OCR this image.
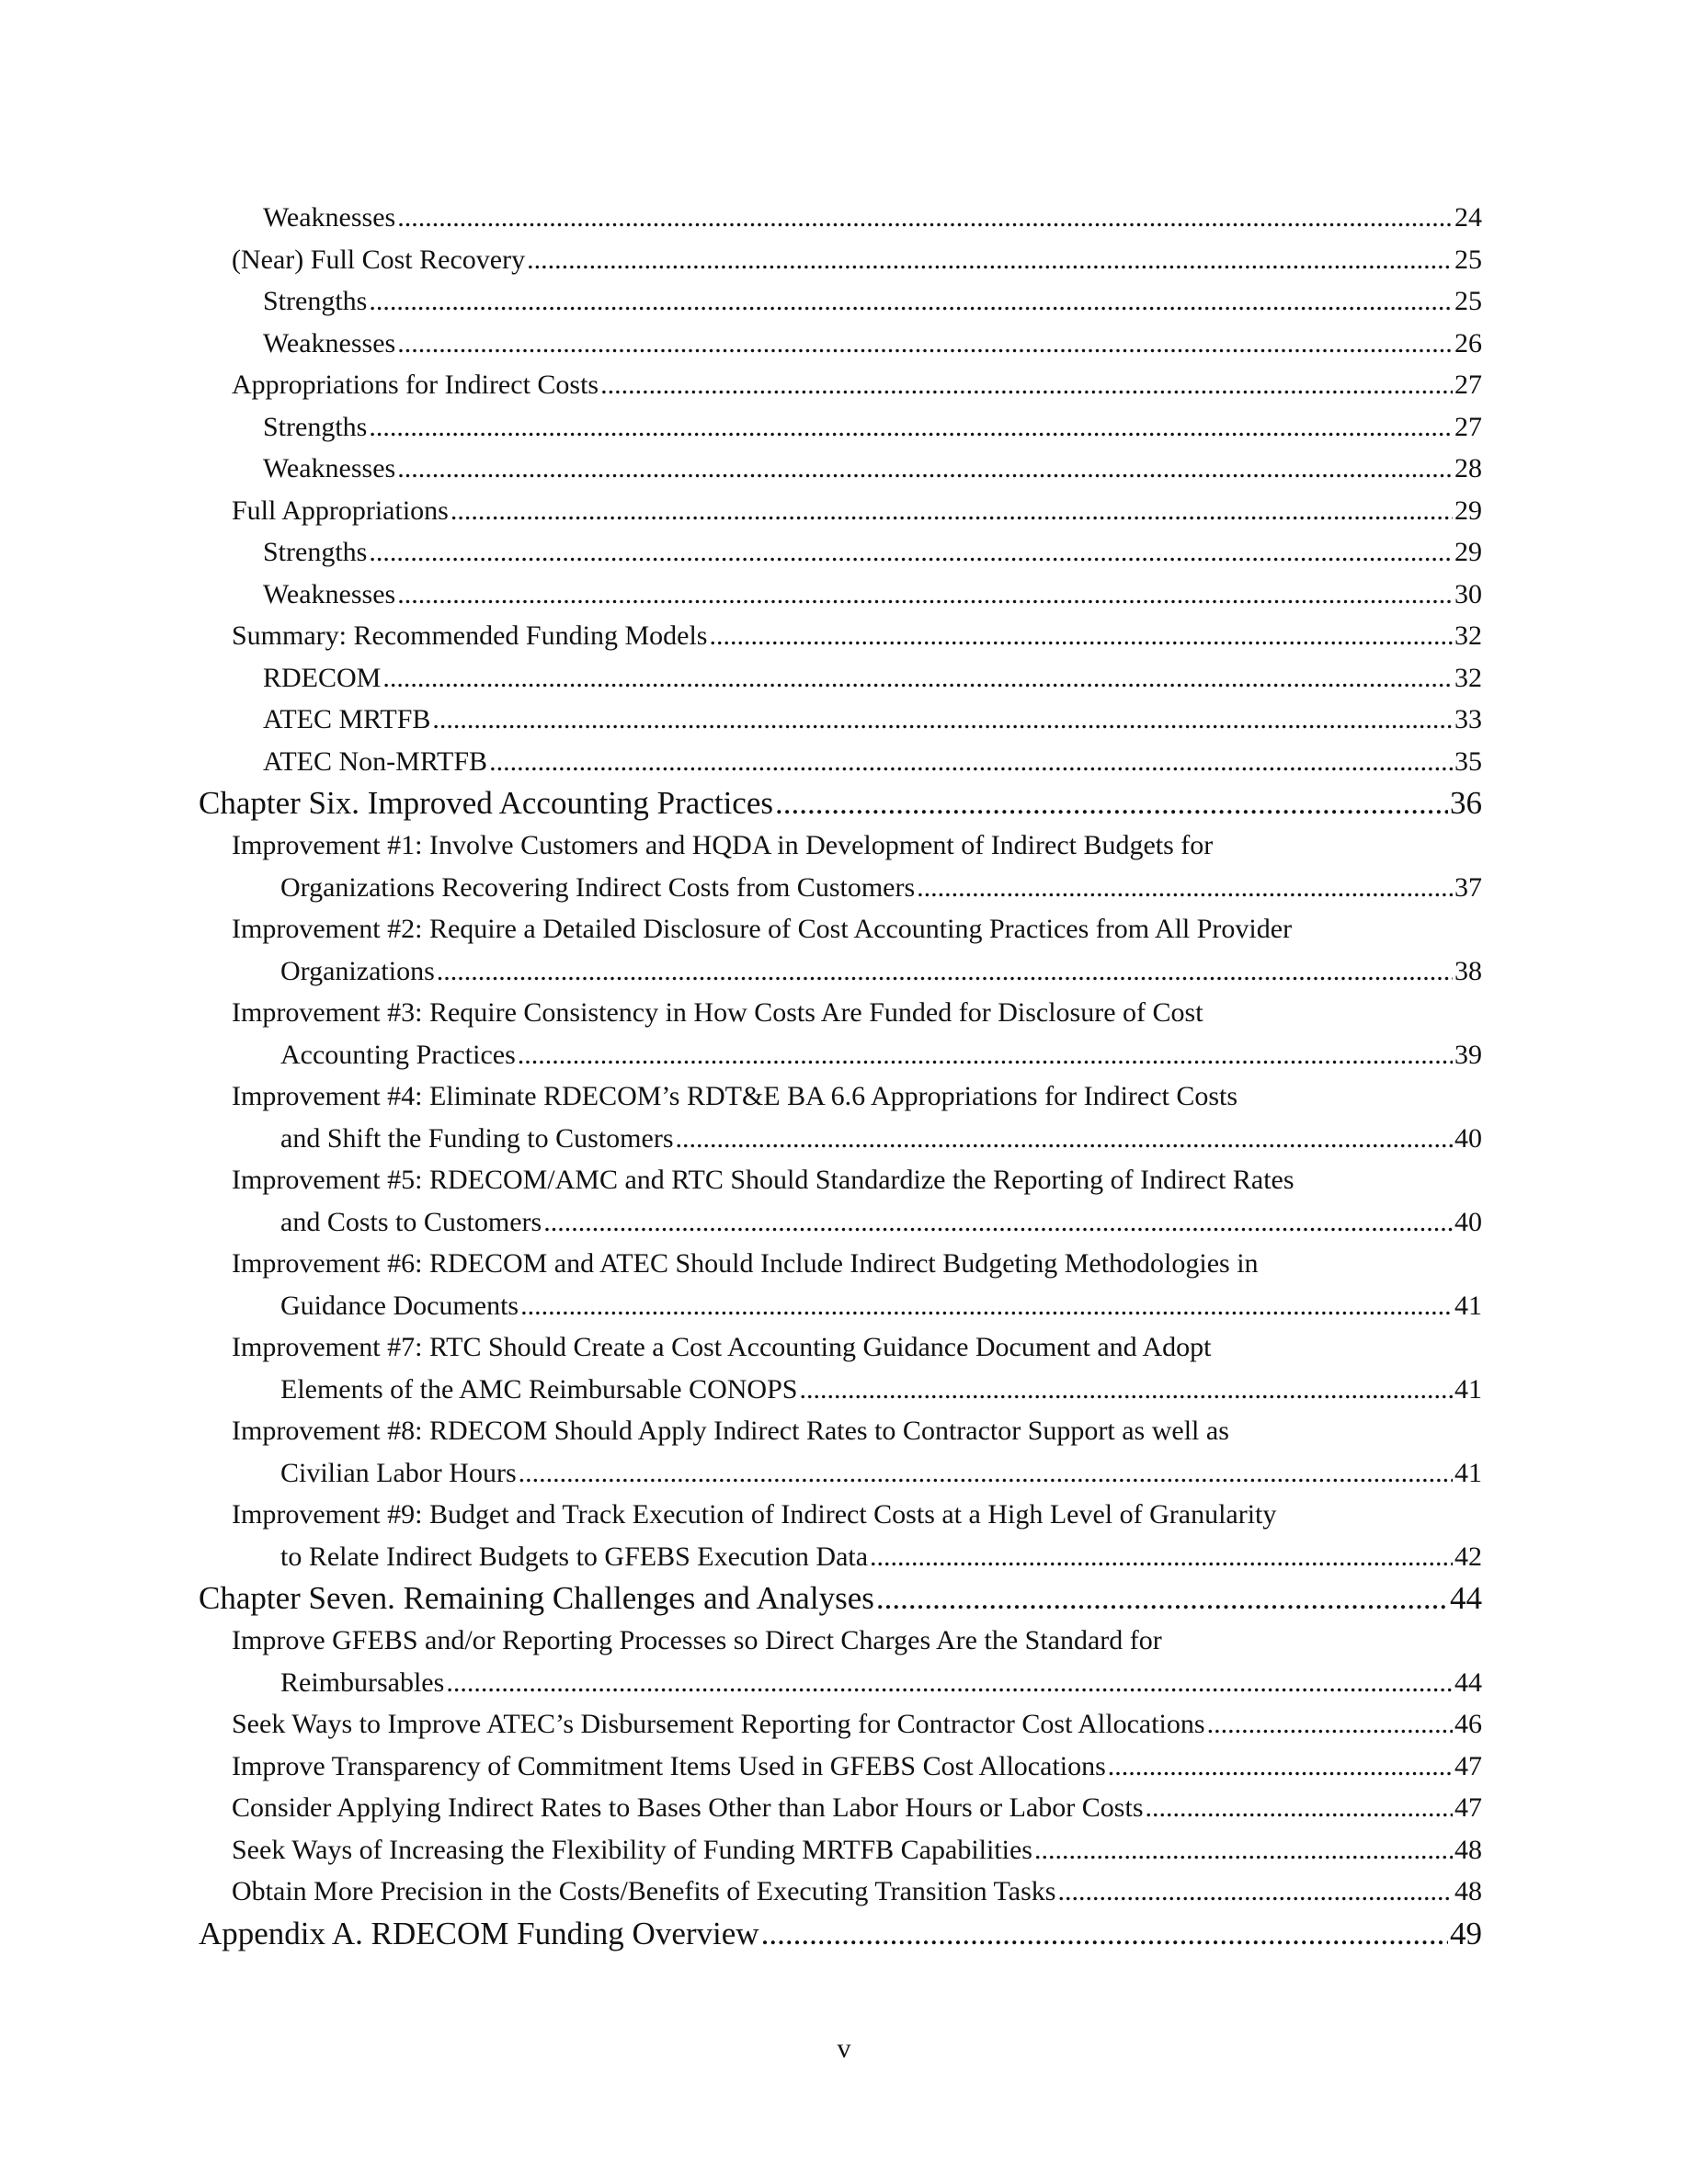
Weaknesses .....	24
(Near) Full Cost Recovery .....	25
Strengths .....	25
Weaknesses .....	26
Appropriations for Indirect Costs .....	27
Strengths .....	27
Weaknesses .....	28
Full Appropriations .....	29
Strengths .....	29
Weaknesses .....	30
Summary: Recommended Funding Models .....	32
RDECOM .....	32
ATEC MRTFB .....	33
ATEC Non-MRTFB .....	35
Chapter Six. Improved Accounting Practices .....	36
Improvement #1: Involve Customers and HQDA in Development of Indirect Budgets for
Organizations Recovering Indirect Costs from Customers .....	37
Improvement #2: Require a Detailed Disclosure of Cost Accounting Practices from All Provider
Organizations .....	38
Improvement #3: Require Consistency in How Costs Are Funded for Disclosure of Cost
Accounting Practices .....	39
Improvement #4: Eliminate RDECOM’s RDT&E BA 6.6 Appropriations for Indirect Costs
and Shift the Funding to Customers .....	40
Improvement #5: RDECOM/AMC and RTC Should Standardize the Reporting of Indirect Rates
and Costs to Customers .....	40
Improvement #6: RDECOM and ATEC Should Include Indirect Budgeting Methodologies in
Guidance Documents .....	41
Improvement #7: RTC Should Create a Cost Accounting Guidance Document and Adopt
Elements of the AMC Reimbursable CONOPS .....	41
Improvement #8: RDECOM Should Apply Indirect Rates to Contractor Support as well as
Civilian Labor Hours .....	41
Improvement #9: Budget and Track Execution of Indirect Costs at a High Level of Granularity
to Relate Indirect Budgets to GFEBS Execution Data .....	42
Chapter Seven. Remaining Challenges and Analyses .....	44
Improve GFEBS and/or Reporting Processes so Direct Charges Are the Standard for
Reimbursables .....	44
Seek Ways to Improve ATEC’s Disbursement Reporting for Contractor Cost Allocations .....	46
Improve Transparency of Commitment Items Used in GFEBS Cost Allocations .....	47
Consider Applying Indirect Rates to Bases Other than Labor Hours or Labor Costs .....	47
Seek Ways of Increasing the Flexibility of Funding MRTFB Capabilities .....	48
Obtain More Precision in the Costs/Benefits of Executing Transition Tasks .....	48
Appendix A. RDECOM Funding Overview .....	49
v
